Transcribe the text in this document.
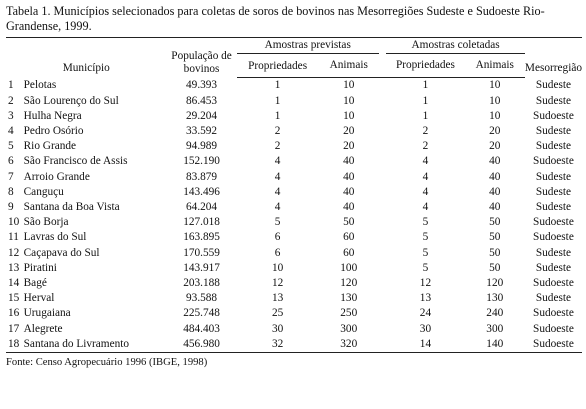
Tabela 1. Municípios selecionados para coletas de soros de bovinos nas Mesorregiões Sudeste e Sudoeste Rio-Grandense, 1999.
Município		População de bovinos	Amostras previstas			Amostras coletadas		Mesorregião
			Propriedades	Animais		Propriedades	Animais	
1	Pelotas	49.393	1	10		1	10	Sudeste
2	São Lourenço do Sul	86.453	1	10		1	10	Sudeste
3	Hulha Negra	29.204	1	10		1	10	Sudoeste
4	Pedro Osório	33.592	2	20		2	20	Sudeste
5	Rio Grande	94.989	2	20		2	20	Sudeste
6	São Francisco de Assis	152.190	4	40		4	40	Sudoeste
7	Arroio Grande	83.879	4	40		4	40	Sudeste
8	Canguçu	143.496	4	40		4	40	Sudeste
9	Santana da Boa Vista	64.204	4	40		4	40	Sudeste
10	São Borja	127.018	5	50		5	50	Sudoeste
11	Lavras do Sul	163.895	6	60		5	50	Sudoeste
12	Caçapava do Sul	170.559	6	60		5	50	Sudeste
13	Piratini	143.917	10	100		5	50	Sudeste
14	Bagé	203.188	12	120		12	120	Sudoeste
15	Herval	93.588	13	130		13	130	Sudeste
16	Urugaiana	225.748	25	250		24	240	Sudoeste
17	Alegrete	484.403	30	300		30	300	Sudoeste
18	Santana do Livramento	456.980	32	320		14	140	Sudoeste
Fonte: Censo Agropecuário 1996 (IBGE, 1998)
